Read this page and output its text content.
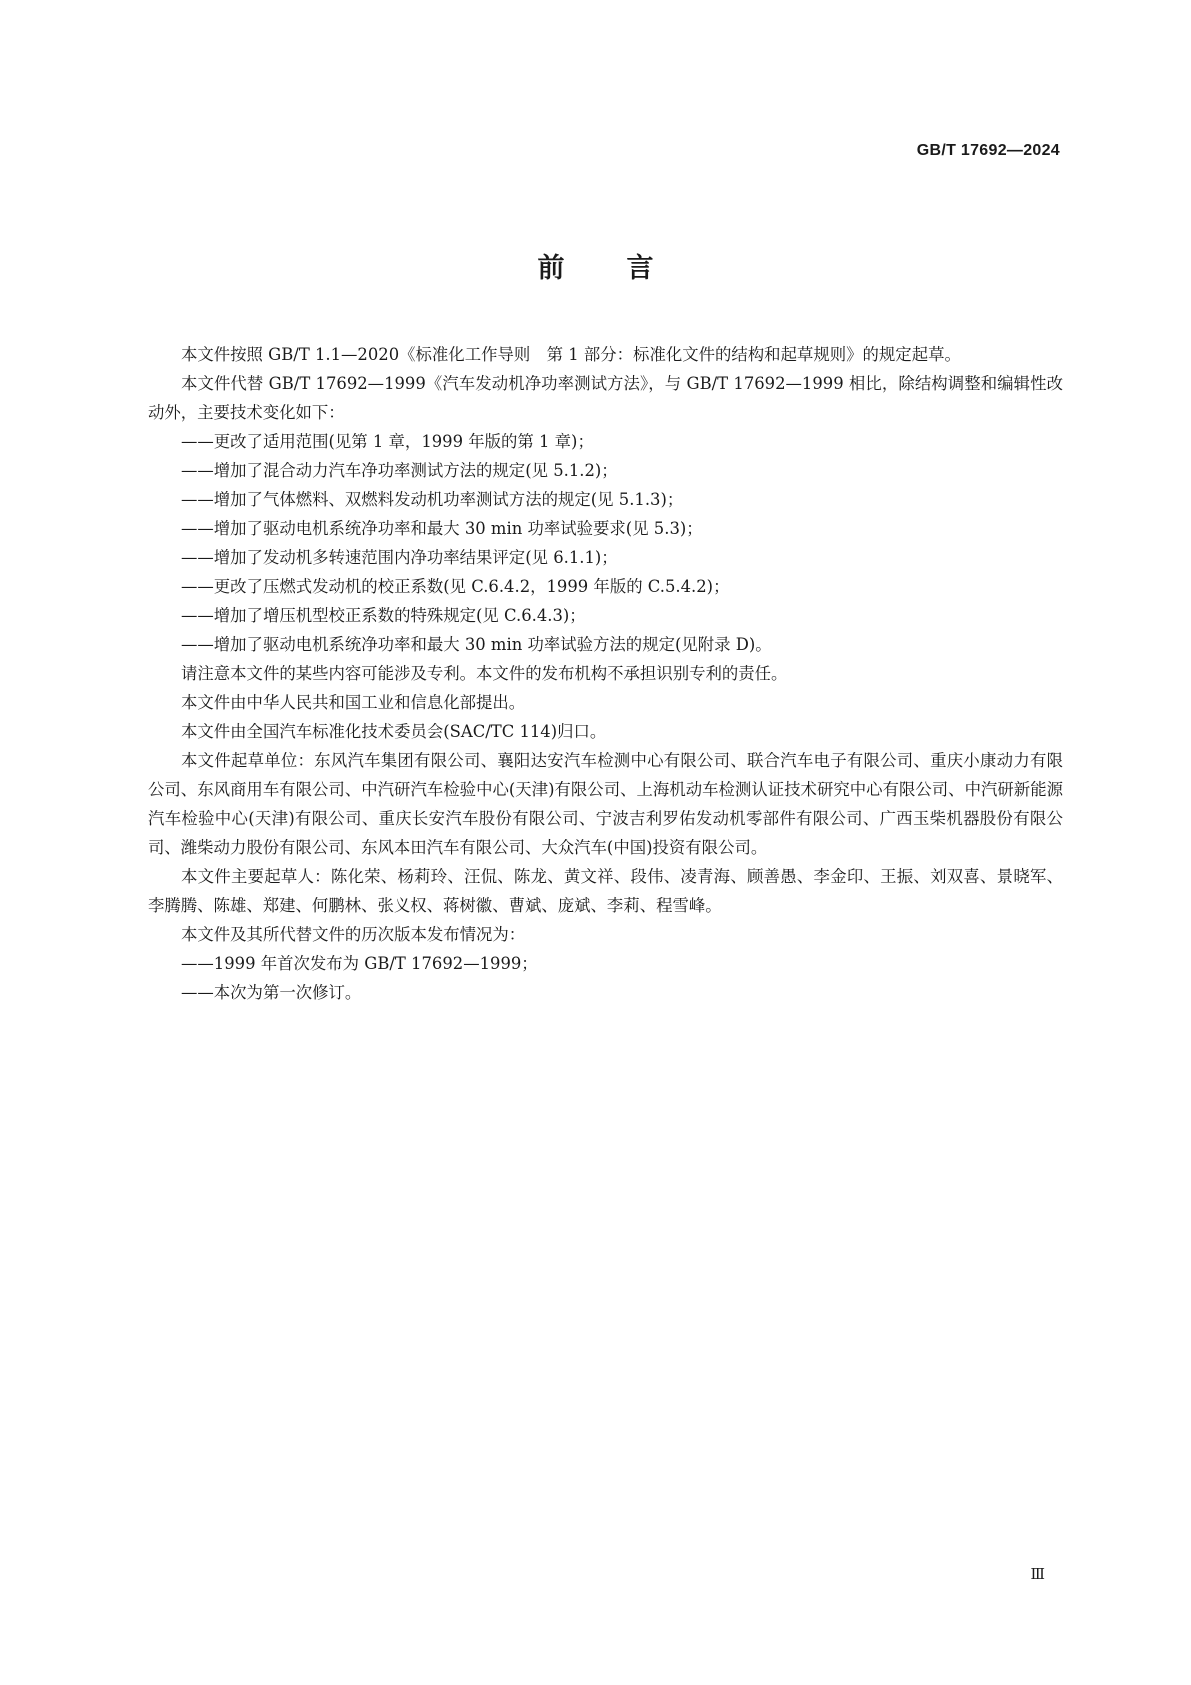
GB/T 17692—2024
前言

本文件按照 GB/T 1.1—2020《标准化工作导则　第 1 部分：标准化文件的结构和起草规则》的规定起草。

本文件代替 GB/T 17692—1999《汽车发动机净功率测试方法》，与 GB/T 17692—1999 相比，除结构调整和编辑性改动外，主要技术变化如下：

——更改了适用范围(见第 1 章，1999 年版的第 1 章)；

——增加了混合动力汽车净功率测试方法的规定(见 5.1.2)；

——增加了气体燃料、双燃料发动机功率测试方法的规定(见 5.1.3)；

——增加了驱动电机系统净功率和最大 30 min 功率试验要求(见 5.3)；

——增加了发动机多转速范围内净功率结果评定(见 6.1.1)；

——更改了压燃式发动机的校正系数(见 C.6.4.2，1999 年版的 C.5.4.2)；

——增加了增压机型校正系数的特殊规定(见 C.6.4.3)；

——增加了驱动电机系统净功率和最大 30 min 功率试验方法的规定(见附录 D)。

请注意本文件的某些内容可能涉及专利。本文件的发布机构不承担识别专利的责任。

本文件由中华人民共和国工业和信息化部提出。

本文件由全国汽车标准化技术委员会(SAC/TC 114)归口。

本文件起草单位：东风汽车集团有限公司、襄阳达安汽车检测中心有限公司、联合汽车电子有限公司、重庆小康动力有限公司、东风商用车有限公司、中汽研汽车检验中心(天津)有限公司、上海机动车检测认证技术研究中心有限公司、中汽研新能源汽车检验中心(天津)有限公司、重庆长安汽车股份有限公司、宁波吉利罗佑发动机零部件有限公司、广西玉柴机器股份有限公司、潍柴动力股份有限公司、东风本田汽车有限公司、大众汽车(中国)投资有限公司。

本文件主要起草人：陈化荣、杨莉玲、汪侃、陈龙、黄文祥、段伟、凌青海、顾善愚、李金印、王振、刘双喜、景晓军、李腾腾、陈雄、郑建、何鹏林、张义权、蒋树徽、曹斌、庞斌、李莉、程雪峰。

本文件及其所代替文件的历次版本发布情况为：

——1999 年首次发布为 GB/T 17692—1999；

——本次为第一次修订。

Ⅲ
